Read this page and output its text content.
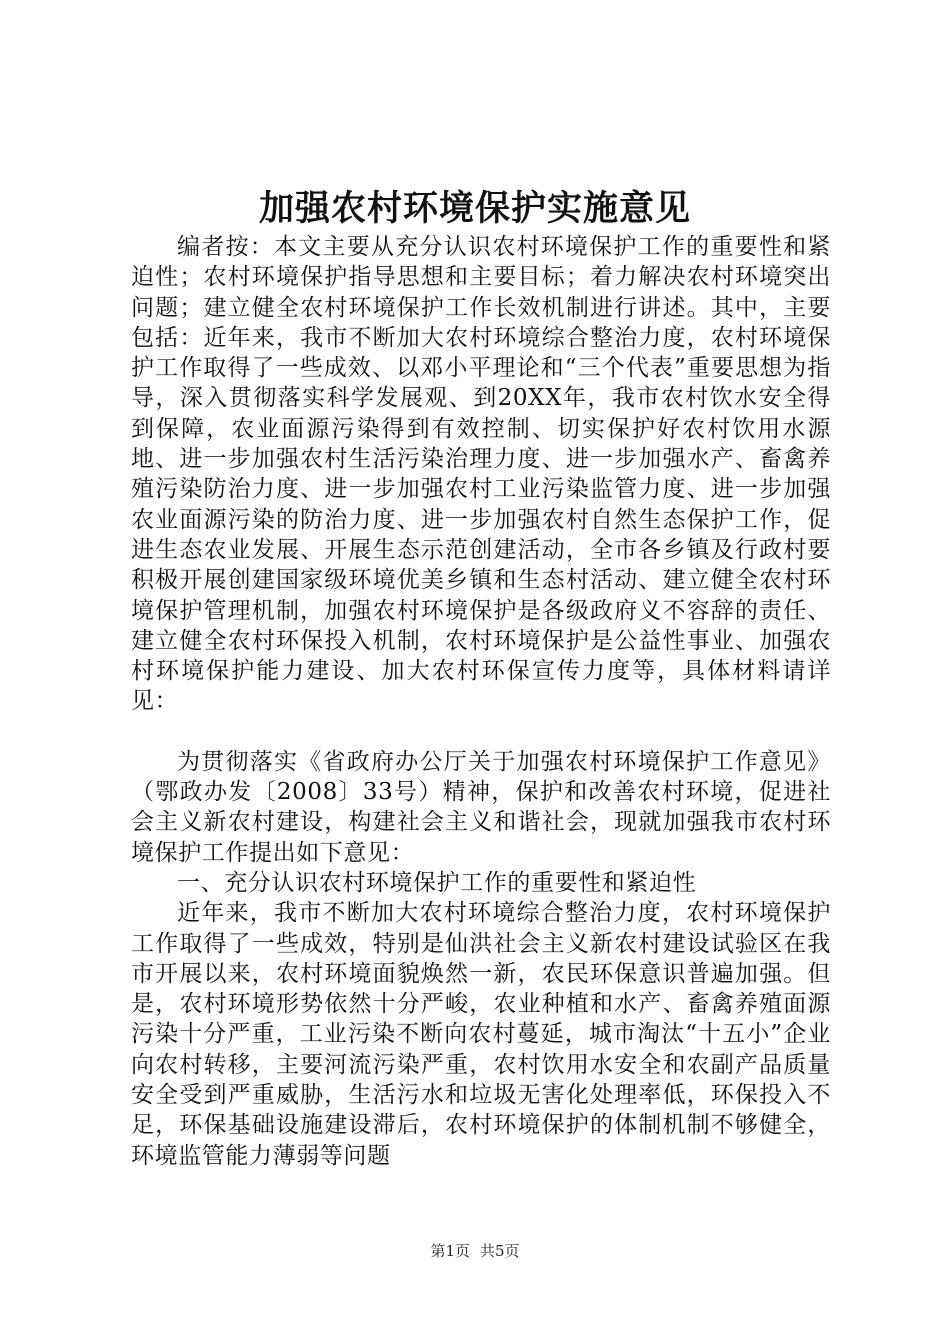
加强农村环境保护实施意见

编者按：本文主要从充分认识农村环境保护工作的重要性和紧迫性；农村环境保护指导思想和主要目标；着力解决农村环境突出问题；建立健全农村环境保护工作长效机制进行讲述。其中，主要包括：近年来，我市不断加大农村环境综合整治力度，农村环境保护工作取得了一些成效、以邓小平理论和“三个代表”重要思想为指导，深入贯彻落实科学发展观、到20XX年，我市农村饮水安全得到保障，农业面源污染得到有效控制、切实保护好农村饮用水源地、进一步加强农村生活污染治理力度、进一步加强水产、畜禽养殖污染防治力度、进一步加强农村工业污染监管力度、进一步加强农业面源污染的防治力度、进一步加强农村自然生态保护工作，促进生态农业发展、开展生态示范创建活动，全市各乡镇及行政村要积极开展创建国家级环境优美乡镇和生态村活动、建立健全农村环境保护管理机制，加强农村环境保护是各级政府义不容辞的责任、建立健全农村环保投入机制，农村环境保护是公益性事业、加强农村环境保护能力建设、加大农村环保宣传力度等，具体材料请详见：

为贯彻落实《省政府办公厅关于加强农村环境保护工作意见》（鄂政办发〔2008〕33号）精神，保护和改善农村环境，促进社会主义新农村建设，构建社会主义和谐社会，现就加强我市农村环境保护工作提出如下意见：

一、充分认识农村环境保护工作的重要性和紧迫性

近年来，我市不断加大农村环境综合整治力度，农村环境保护工作取得了一些成效，特别是仙洪社会主义新农村建设试验区在我市开展以来，农村环境面貌焕然一新，农民环保意识普遍加强。但是，农村环境形势依然十分严峻，农业种植和水产、畜禽养殖面源污染十分严重，工业污染不断向农村蔓延，城市淘汰“十五小”企业向农村转移，主要河流污染严重，农村饮用水安全和农副产品质量安全受到严重威胁，生活污水和垃圾无害化处理率低，环保投入不足，环保基础设施建设滞后，农村环境保护的体制机制不够健全，环境监管能力薄弱等问题

第1页 共5页
